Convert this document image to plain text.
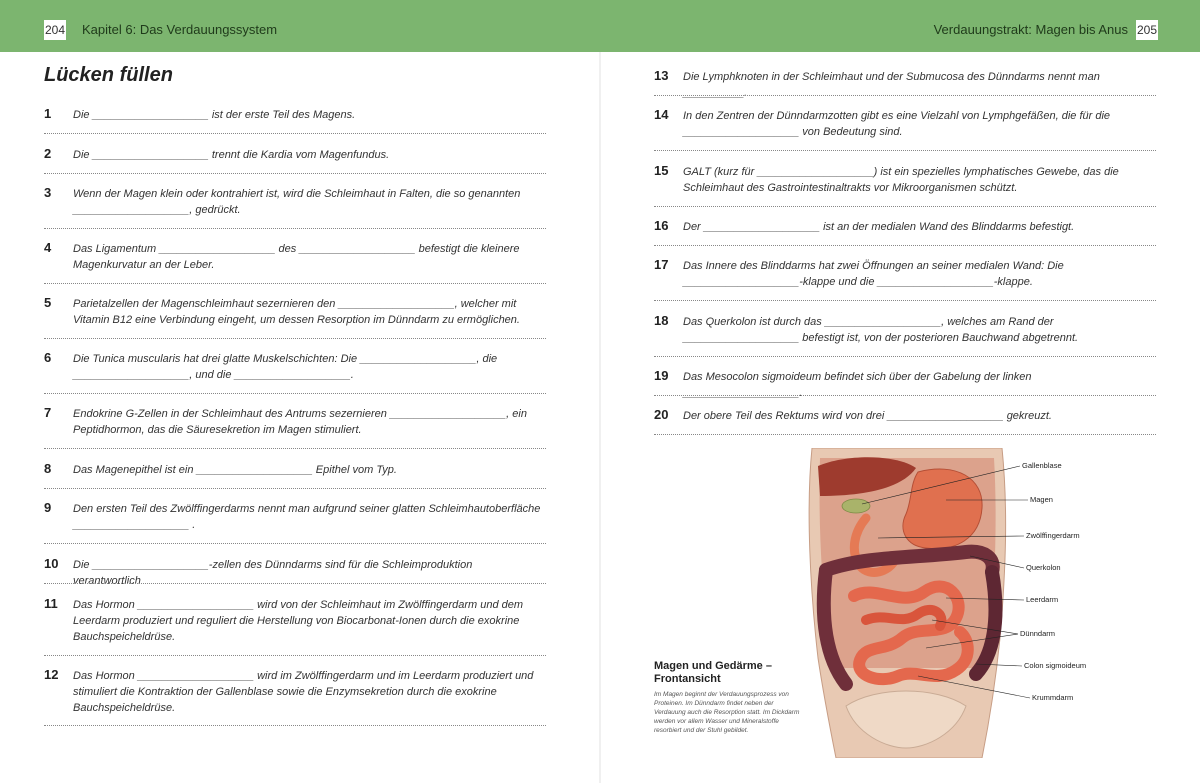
204 Kapitel 6: Das Verdauungssystem	Verdauungstrakt: Magen bis Anus 205
Lücken füllen
1 Die ___________________ ist der erste Teil des Magens.
2 Die ___________________ trennt die Kardia vom Magenfundus.
3 Wenn der Magen klein oder kontrahiert ist, wird die Schleimhaut in Falten, die so genannten ___________________, gedrückt.
4 Das Ligamentum ___________________ des ___________________ befestigt die kleinere Magenkurvatur an der Leber.
5 Parietalzellen der Magenschleimhaut sezernieren den ___________________, welcher mit Vitamin B12 eine Verbindung eingeht, um dessen Resorption im Dünndarm zu ermöglichen.
6 Die Tunica muscularis hat drei glatte Muskelschichten: Die ___________________, die ___________________, und die ___________________.
7 Endokrine G-Zellen in der Schleimhaut des Antrums sezernieren ___________________, ein Peptidhormon, das die Säuresekretion im Magen stimuliert.
8 Das Magenepithel ist ein ___________________ Epithel vom Typ.
9 Den ersten Teil des Zwölffingerdarms nennt man aufgrund seiner glatten Schleimhautoberfläche ___________________ .
10 Die ___________________-zellen des Dünndarms sind für die Schleimproduktion verantwortlich
11 Das Hormon ___________________ wird von der Schleimhaut im Zwölffingerdarm und dem Leerdarm produziert und reguliert die Herstellung von Biocarbonat-Ionen durch die exokrine Bauchspeicheldrüse.
12 Das Hormon ___________________ wird im Zwölffingerdarm und im Leerdarm produziert und stimuliert die Kontraktion der Gallenblase sowie die Enzymsekretion durch die exokrine Bauchspeicheldrüse.
13 Die Lymphknoten in der Schleimhaut und der Submucosa des Dünndarms nennt man __________.
14 In den Zentren der Dünndarmzotten gibt es eine Vielzahl von Lymphgefäßen, die für die ___________________ von Bedeutung sind.
15 GALT (kurz für ___________________) ist ein spezielles lymphatisches Gewebe, das die Schleimhaut des Gastrointestinaltrakts vor Mikroorganismen schützt.
16 Der ___________________ ist an der medialen Wand des Blinddarms befestigt.
17 Das Innere des Blinddarms hat zwei Öffnungen an seiner medialen Wand: Die ___________________-klappe und die ___________________-klappe.
18 Das Querkolon ist durch das ___________________, welches am Rand der ___________________ befestigt ist, von der posterioren Bauchwand abgetrennt.
19 Das Mesocolon sigmoideum befindet sich über der Gabelung der linken ___________________.
20 Der obere Teil des Rektums wird von drei ___________________ gekreuzt.
Magen und Gedärme – Frontansicht
Im Magen beginnt der Verdauungsprozess von Proteinen. Im Dünndarm findet neben der Verdauung auch die Resorption statt. Im Dickdarm werden vor allem Wasser und Mineralstoffe resorbiert und der Stuhl gebildet.
Gallenblase
Magen
Zwölffingerdarm
Querkolon
Leerdarm
Dünndarm
Colon sigmoideum
Krummdarm
